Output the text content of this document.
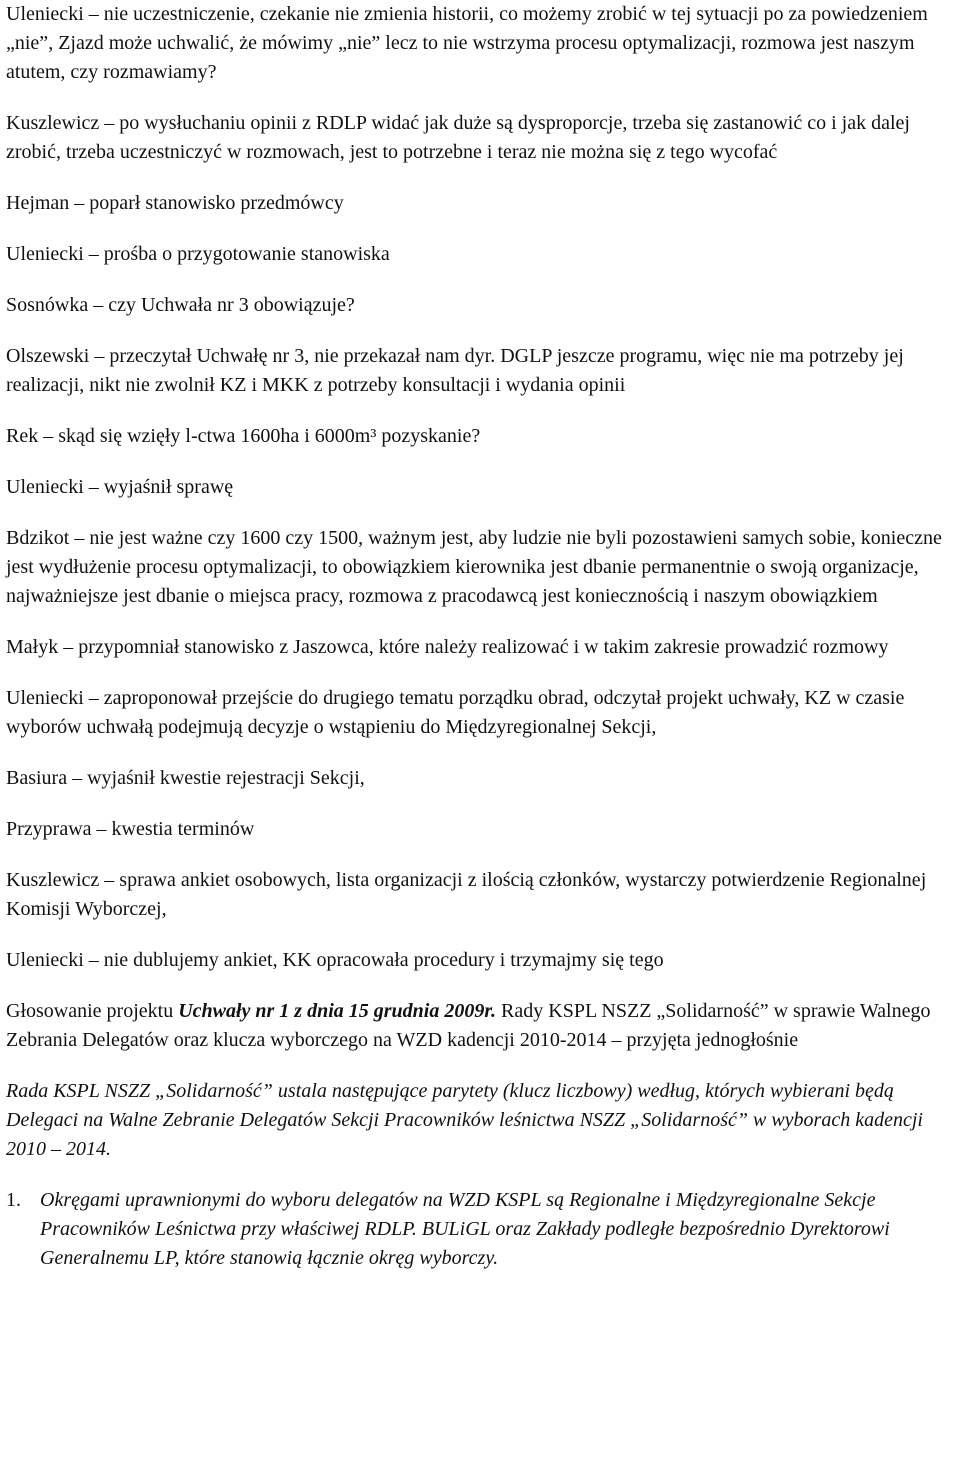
Uleniecki – nie uczestniczenie, czekanie nie zmienia historii, co możemy zrobić w tej sytuacji po za powiedzeniem „nie”, Zjazd może uchwalić, że mówimy „nie” lecz to nie wstrzyma procesu optymalizacji, rozmowa jest naszym atutem, czy rozmawiamy?

Kuszlewicz – po wysłuchaniu opinii z RDLP widać jak duże są dysproporcje, trzeba się zastanowić co i jak dalej zrobić, trzeba uczestniczyć w rozmowach, jest to potrzebne i teraz nie można się z tego wycofać

Hejman – poparł stanowisko przedmówcy

Uleniecki – prośba o przygotowanie stanowiska

Sosnówka – czy Uchwała nr 3 obowiązuje?

Olszewski – przeczytał Uchwałę nr 3, nie przekazał nam dyr. DGLP jeszcze programu, więc nie ma potrzeby jej realizacji, nikt nie zwolnił KZ i MKK z potrzeby konsultacji i wydania opinii

Rek – skąd się wzięły l-ctwa 1600ha i 6000m³ pozyskanie?

Uleniecki – wyjaśnił sprawę

Bdzikot – nie jest ważne czy 1600 czy 1500, ważnym jest, aby ludzie nie byli pozostawieni samych sobie, konieczne jest wydłużenie procesu optymalizacji, to obowiązkiem kierownika jest dbanie permanentnie o swoją organizacje, najważniejsze jest dbanie o miejsca pracy, rozmowa z pracodawcą jest koniecznością i naszym obowiązkiem

Małyk – przypomniał stanowisko z Jaszowca, które należy realizować i w takim zakresie prowadzić rozmowy

Uleniecki – zaproponował przejście do drugiego tematu porządku obrad, odczytał projekt uchwały, KZ w czasie wyborów uchwałą podejmują decyzje o wstąpieniu do Międzyregionalnej Sekcji,

Basiura – wyjaśnił kwestie rejestracji Sekcji,

Przyprawa – kwestia terminów

Kuszlewicz – sprawa ankiet osobowych, lista organizacji z ilością członków, wystarczy potwierdzenie Regionalnej Komisji Wyborczej,

Uleniecki – nie dublujemy ankiet, KK opracowała procedury i trzymajmy się tego

Głosowanie projektu Uchwały nr 1 z dnia 15 grudnia 2009r. Rady KSPL NSZZ „Solidarność” w sprawie Walnego Zebrania Delegatów oraz klucza wyborczego na WZD kadencji 2010-2014 – przyjęta jednogłośnie

Rada KSPL NSZZ „Solidarność” ustala następujące parytety (klucz liczbowy) według, których wybierani będą Delegaci na Walne Zebranie Delegatów Sekcji Pracowników leśnictwa NSZZ „Solidarność” w wyborach kadencji 2010 – 2014.

1. Okręgami uprawnionymi do wyboru delegatów na WZD KSPL są Regionalne i Międzyregionalne Sekcje Pracowników Leśnictwa przy właściwej RDLP. BULiGL oraz Zakłady podległe bezpośrednio Dyrektorowi Generalnemu LP, które stanowią łącznie okręg wyborczy.
